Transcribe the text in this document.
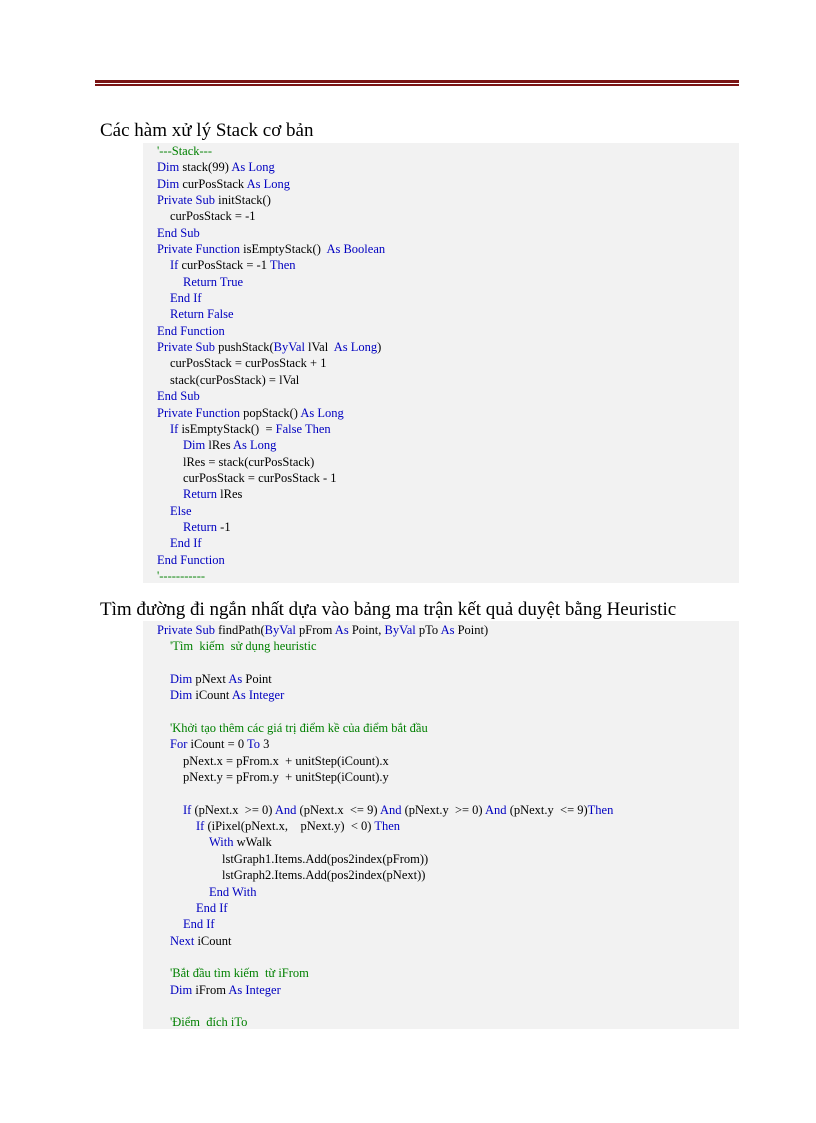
Các hàm xử lý Stack cơ bản
'---Stack---
Dim stack(99) As Long
Dim curPosStack As Long
Private Sub initStack()
curPosStack = -1
End Sub
Private Function isEmptyStack()  As Boolean
If curPosStack = -1 Then
Return True
End If
Return False
End Function
Private Sub pushStack(ByVal lVal  As Long)
curPosStack = curPosStack + 1
stack(curPosStack) = lVal
End Sub
Private Function popStack() As Long
If isEmptyStack()  = False Then
Dim lRes As Long
lRes = stack(curPosStack)
curPosStack = curPosStack - 1
Return lRes
Else
Return -1
End If
End Function
'-----------
Tìm đường đi ngắn nhất dựa vào bảng ma trận kết quả duyệt bằng Heuristic
Private Sub findPath(ByVal pFrom As Point, ByVal pTo As Point)
'Tìm  kiếm  sử dụng heuristic
Dim pNext As Point
Dim iCount As Integer
'Khởi tạo thêm các giá trị điểm kề của điểm bắt đầu
For iCount = 0 To 3
pNext.x = pFrom.x  + unitStep(iCount).x
pNext.y = pFrom.y  + unitStep(iCount).y
If (pNext.x  >= 0) And (pNext.x  <= 9) And (pNext.y  >= 0) And (pNext.y  <= 9)Then
If (iPixel(pNext.x,    pNext.y)  < 0) Then
With wWalk
lstGraph1.Items.Add(pos2index(pFrom))
lstGraph2.Items.Add(pos2index(pNext))
End With
End If
End If
Next iCount
'Bắt đầu tìm kiếm  từ iFrom
Dim iFrom As Integer
'Điểm  đích iTo
